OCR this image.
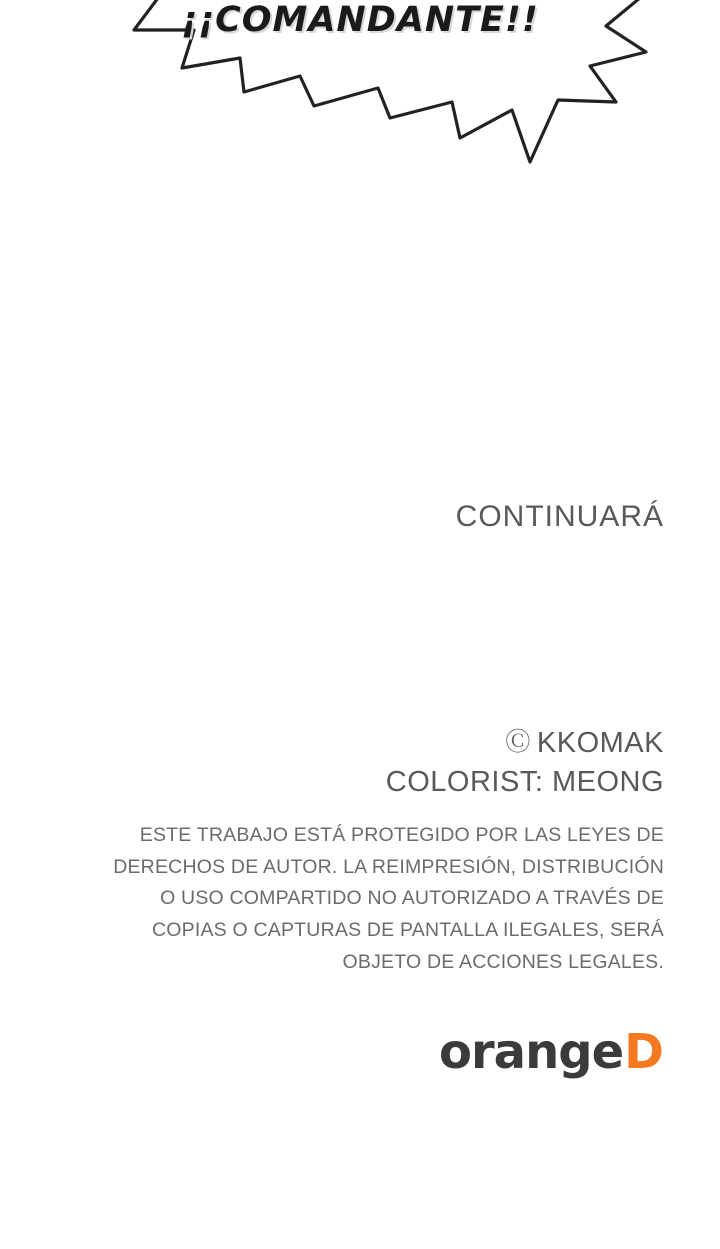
¡¡COMANDANTE!!
CONTINUARÁ
Ⓒ KKOMAK
COLORIST: MEONG
ESTE TRABAJO ESTÁ PROTEGIDO POR LAS LEYES DE
DERECHOS DE AUTOR. LA REIMPRESIÓN, DISTRIBUCIÓN
O USO COMPARTIDO NO AUTORIZADO A TRAVÉS DE
COPIAS O CAPTURAS DE PANTALLA ILEGALES, SERÁ
OBJETO DE ACCIONES LEGALES.
orange D
